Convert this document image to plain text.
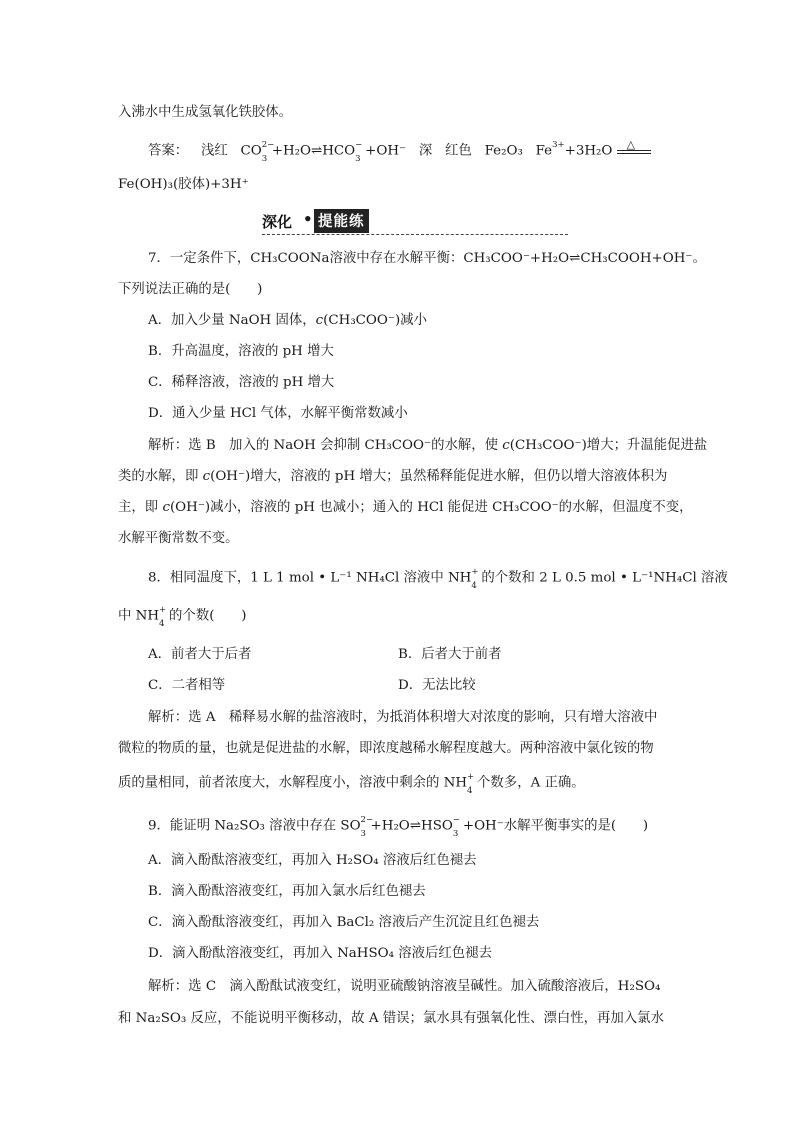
入沸水中生成氢氧化铁胶体。
答案： 浅红 CO 2−
3
+H₂O⇌HCO −
3
+OH⁻ 深 红色 Fe₂O₃ $Fe^{3+}+3H_2O$ △
Fe(OH)₃(胶体)+3H⁺
深化 • 提能练
7．一定条件下，CH₃COONa溶液中存在水解平衡：CH₃COO⁻+H₂O⇌CH₃COOH+OH⁻。
下列说法正确的是(　　)
A．加入少量 NaOH 固体，c(CH₃COO⁻)减小
B．升高温度，溶液的 pH 增大
C．稀释溶液，溶液的 pH 增大
D．通入少量 HCl 气体，水解平衡常数减小
解析：选 B　加入的 NaOH 会抑制 CH₃COO⁻的水解，使 c(CH₃COO⁻)增大；升温能促进盐
类的水解，即 c(OH⁻)增大，溶液的 pH 增大；虽然稀释能促进水解，但仍以增大溶液体积为
主，即 c(OH⁻)减小，溶液的 pH 也减小；通入的 HCl 能促进 CH₃COO⁻的水解，但温度不变，
水解平衡常数不变。
8．相同温度下，1 L 1 mol • L⁻¹ NH₄Cl 溶液中 NH +
4
的个数和 2 L 0.5 mol • L⁻¹NH₄Cl 溶液
中 NH +
4
的个数(　　)
A．前者大于后者	B．后者大于前者
C．二者相等	D．无法比较
解析：选 A　稀释易水解的盐溶液时，为抵消体积增大对浓度的影响，只有增大溶液中
微粒的物质的量，也就是促进盐的水解，即浓度越稀水解程度越大。两种溶液中氯化铵的物
质的量相同，前者浓度大，水解程度小，溶液中剩余的 NH +
4
个数多，A 正确。
9．能证明 Na₂SO₃ 溶液中存在 SO 2−
3
+H₂O⇌HSO −
3
+OH⁻水解平衡事实的是(　　)
A．滴入酚酞溶液变红，再加入 H₂SO₄ 溶液后红色褪去
B．滴入酚酞溶液变红，再加入氯水后红色褪去
C．滴入酚酞溶液变红，再加入 BaCl₂ 溶液后产生沉淀且红色褪去
D．滴入酚酞溶液变红，再加入 NaHSO₄ 溶液后红色褪去
解析：选 C　滴入酚酞试液变红，说明亚硫酸钠溶液呈碱性。加入硫酸溶液后，H₂SO₄
和 Na₂SO₃ 反应，不能说明平衡移动，故 A 错误；氯水具有强氧化性、漂白性，再加入氯水
